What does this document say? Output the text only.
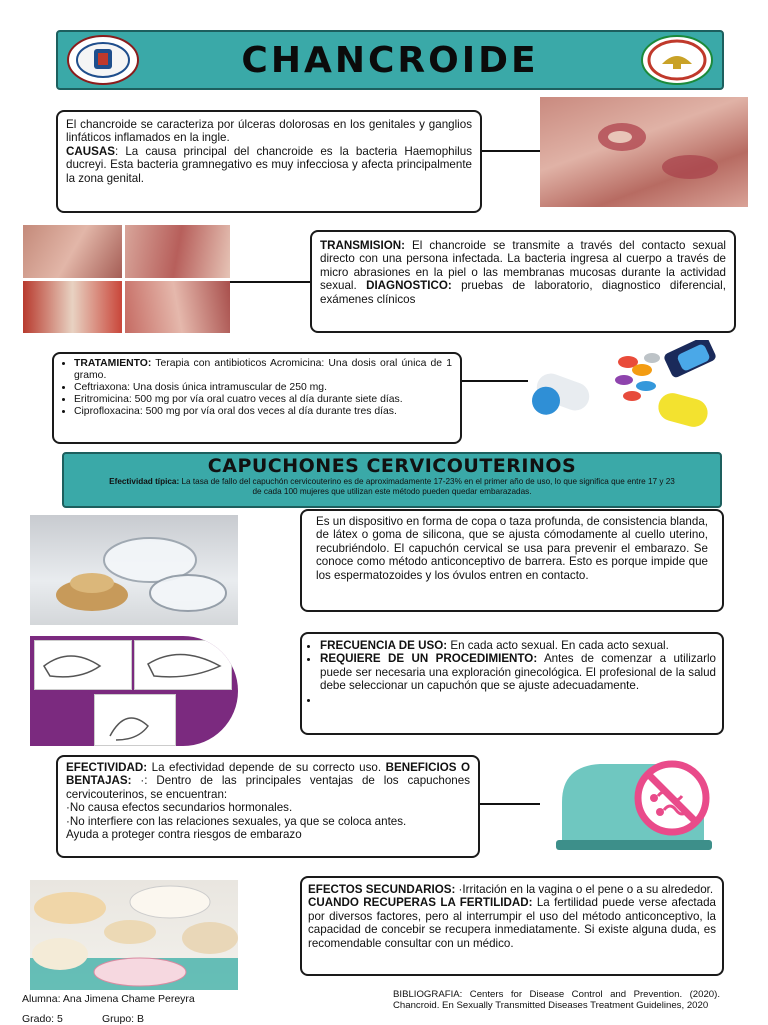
CHANCROIDE
El chancroide se caracteriza por úlceras dolorosas en los genitales y ganglios linfáticos inflamados en la ingle.
CAUSAS: La causa principal del chancroide es la bacteria Haemophilus ducreyi. Esta bacteria gramnegativo es muy infecciosa y afecta principalmente la zona genital.
TRANSMISION: El chancroide se transmite a través del contacto sexual directo con una persona infectada. La bacteria ingresa al cuerpo a través de micro abrasiones en la piel o las membranas mucosas durante la actividad sexual. DIAGNOSTICO: pruebas de laboratorio, diagnostico diferencial, exámenes clínicos
• TRATAMIENTO: Terapia con antibioticos Acromicina: Una dosis oral única de 1 gramo.
• Ceftriaxona: Una dosis única intramuscular de 250 mg.
• Eritromicina: 500 mg por vía oral cuatro veces al día durante siete días.
• Ciprofloxacina: 500 mg por vía oral dos veces al día durante tres días.
CAPUCHONES CERVICOUTERINOS
Efectividad típica: La tasa de fallo del capuchón cervicouterino es de aproximadamente 17-23% en el primer año de uso, lo que significa que entre 17 y 23 de cada 100 mujeres que utilizan este método pueden quedar embarazadas.
Es un dispositivo en forma de copa o taza profunda, de consistencia blanda, de látex o goma de silicona, que se ajusta cómodamente al cuello uterino, recubriéndolo. El capuchón cervical se usa para prevenir el embarazo. Se conoce como método anticonceptivo de barrera. Esto es porque impide que los espermatozoides y los óvulos entren en contacto.
• FRECUENCIA DE USO: En cada acto sexual. En cada acto sexual.
• REQUIERE DE UN PROCEDIMIENTO: Antes de comenzar a utilizarlo puede ser necesaria una exploración ginecológica. El profesional de la salud debe seleccionar un capuchón que se ajuste adecuadamente.
•
EFECTIVIDAD: La efectividad depende de su correcto uso. BENEFICIOS O BENTAJAS: ·: Dentro de las principales ventajas de los capuchones cervicouterinos, se encuentran:
·No causa efectos secundarios hormonales.
·No interfiere con las relaciones sexuales, ya que se coloca antes.
Ayuda a proteger contra riesgos de embarazo
EFECTOS SECUNDARIOS: ·Irritación en la vagina o el pene o a su alrededor.
CUANDO RECUPERAS LA FERTILIDAD: La fertilidad puede verse afectada por diversos factores, pero al interrumpir el uso del método anticonceptivo, la capacidad de concebir se recupera inmediatamente. Si existe alguna duda, es recomendable consultar con un médico.
Alumna: Ana Jimena Chame Pereyra
Grado: 5	Grupo: B
BIBLIOGRAFIA: Centers for Disease Control and Prevention. (2020). Chancroid. En Sexually Transmitted Diseases Treatment Guidelines, 2020
